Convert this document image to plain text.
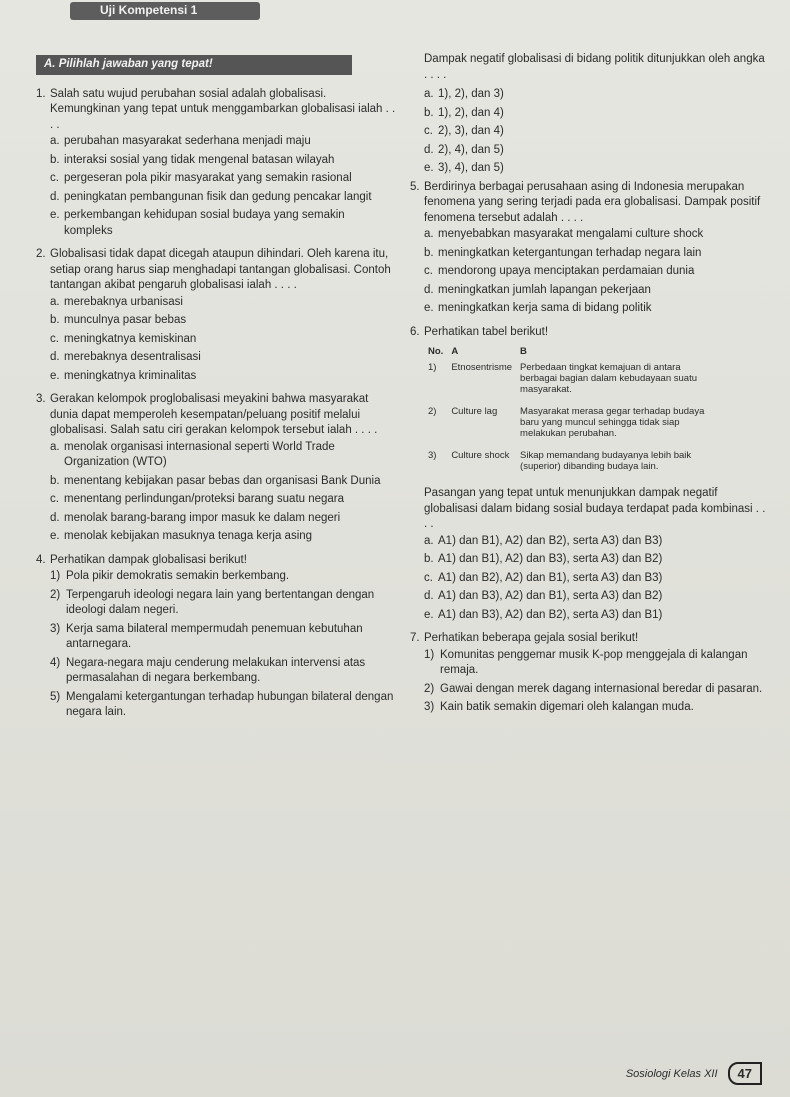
Uji Kompetensi 1
A. Pilihlah jawaban yang tepat!
1. Salah satu wujud perubahan sosial adalah globalisasi. Kemungkinan yang tepat untuk menggambarkan globalisasi ialah . . . .
a. perubahan masyarakat sederhana menjadi maju
b. interaksi sosial yang tidak mengenal batasan wilayah
c. pergeseran pola pikir masyarakat yang semakin rasional
d. peningkatan pembangunan fisik dan gedung pencakar langit
e. perkembangan kehidupan sosial budaya yang semakin kompleks
2. Globalisasi tidak dapat dicegah ataupun dihindari. Oleh karena itu, setiap orang harus siap menghadapi tantangan globalisasi. Contoh tantangan akibat pengaruh globalisasi ialah . . . .
a. merebaknya urbanisasi
b. munculnya pasar bebas
c. meningkatnya kemiskinan
d. merebaknya desentralisasi
e. meningkatnya kriminalitas
3. Gerakan kelompok proglobalisasi meyakini bahwa masyarakat dunia dapat memperoleh kesempatan/peluang positif melalui globalisasi. Salah satu ciri gerakan kelompok tersebut ialah . . . .
a. menolak organisasi internasional seperti World Trade Organization (WTO)
b. menentang kebijakan pasar bebas dan organisasi Bank Dunia
c. menentang perlindungan/proteksi barang suatu negara
d. menolak barang-barang impor masuk ke dalam negeri
e. menolak kebijakan masuknya tenaga kerja asing
4. Perhatikan dampak globalisasi berikut!
1) Pola pikir demokratis semakin berkembang.
2) Terpengaruh ideologi negara lain yang bertentangan dengan ideologi dalam negeri.
3) Kerja sama bilateral mempermudah penemuan kebutuhan antarnegara.
4) Negara-negara maju cenderung melakukan intervensi atas permasalahan di negara berkembang.
5) Mengalami ketergantungan terhadap hubungan bilateral dengan negara lain.
Dampak negatif globalisasi di bidang politik ditunjukkan oleh angka . . . .
a. 1), 2), dan 3)
b. 1), 2), dan 4)
c. 2), 3), dan 4)
d. 2), 4), dan 5)
e. 3), 4), dan 5)
5. Berdirinya berbagai perusahaan asing di Indonesia merupakan fenomena yang sering terjadi pada era globalisasi. Dampak positif fenomena tersebut adalah . . . .
a. menyebabkan masyarakat mengalami culture shock
b. meningkatkan ketergantungan terhadap negara lain
c. mendorong upaya menciptakan perdamaian dunia
d. meningkatkan jumlah lapangan pekerjaan
e. meningkatkan kerja sama di bidang politik
6. Perhatikan tabel berikut!
No.	A	B
1)	Etnosentrisme	Perbedaan tingkat kemajuan di antara berbagai bagian dalam kebudayaan suatu masyarakat.
2)	Culture lag	Masyarakat merasa gegar terhadap budaya baru yang muncul sehingga tidak siap melakukan perubahan.
3)	Culture shock	Sikap memandang budayanya lebih baik (superior) dibanding budaya lain.
Pasangan yang tepat untuk menunjukkan dampak negatif globalisasi dalam bidang sosial budaya terdapat pada kombinasi . . . .
a. A1) dan B1), A2) dan B2), serta A3) dan B3)
b. A1) dan B1), A2) dan B3), serta A3) dan B2)
c. A1) dan B2), A2) dan B1), serta A3) dan B3)
d. A1) dan B3), A2) dan B1), serta A3) dan B2)
e. A1) dan B3), A2) dan B2), serta A3) dan B1)
7. Perhatikan beberapa gejala sosial berikut!
1) Komunitas penggemar musik K-pop menggejala di kalangan remaja.
2) Gawai dengan merek dagang internasional beredar di pasaran.
3) Kain batik semakin digemari oleh kalangan muda.
Sosiologi Kelas XII	47
